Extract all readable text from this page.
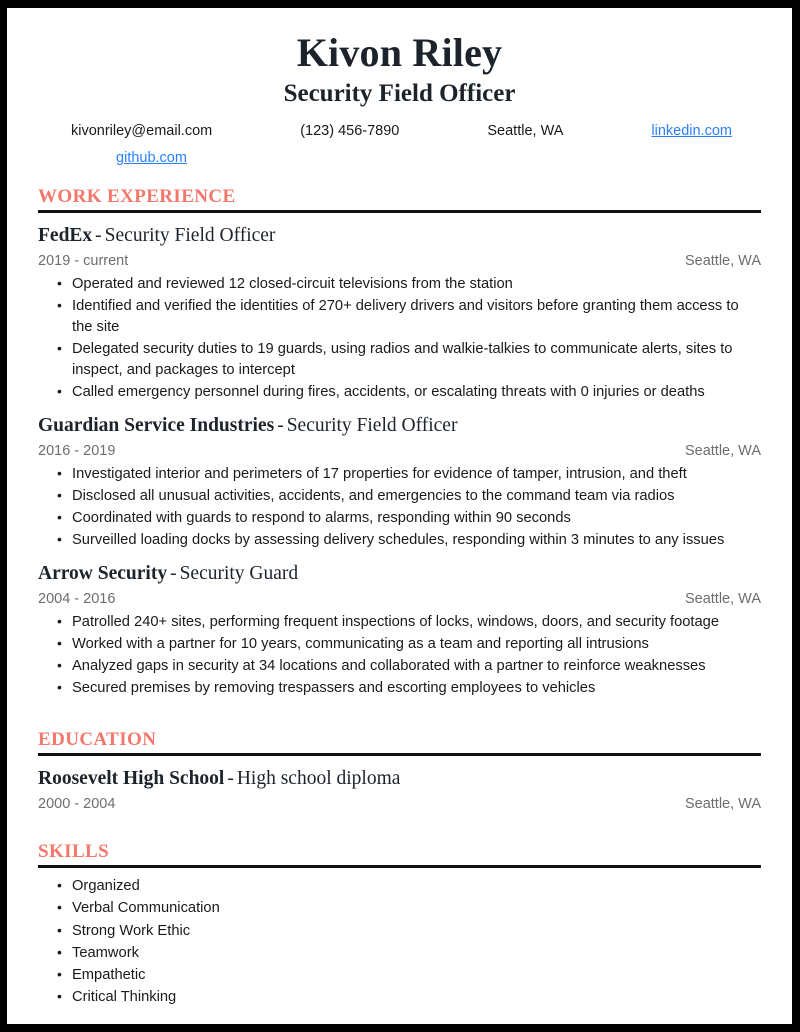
Kivon Riley
Security Field Officer
kivonriley@email.com	(123) 456-7890	Seattle, WA	linkedin.com
github.com
WORK EXPERIENCE

FedEx - Security Field Officer

2019 - current	Seattle, WA
• Operated and reviewed 12 closed-circuit televisions from the station
• Identified and verified the identities of 270+ delivery drivers and visitors before granting them access to the site
• Delegated security duties to 19 guards, using radios and walkie-talkies to communicate alerts, sites to inspect, and packages to intercept
• Called emergency personnel during fires, accidents, or escalating threats with 0 injuries or deaths

Guardian Service Industries - Security Field Officer

2016 - 2019	Seattle, WA
• Investigated interior and perimeters of 17 properties for evidence of tamper, intrusion, and theft
• Disclosed all unusual activities, accidents, and emergencies to the command team via radios
• Coordinated with guards to respond to alarms, responding within 90 seconds
• Surveilled loading docks by assessing delivery schedules, responding within 3 minutes to any issues

Arrow Security - Security Guard

2004 - 2016	Seattle, WA
• Patrolled 240+ sites, performing frequent inspections of locks, windows, doors, and security footage
• Worked with a partner for 10 years, communicating as a team and reporting all intrusions
• Analyzed gaps in security at 34 locations and collaborated with a partner to reinforce weaknesses
• Secured premises by removing trespassers and escorting employees to vehicles
EDUCATION

Roosevelt High School - High school diploma

2000 - 2004	Seattle, WA
SKILLS
• Organized
• Verbal Communication
• Strong Work Ethic
• Teamwork
• Empathetic
• Critical Thinking
